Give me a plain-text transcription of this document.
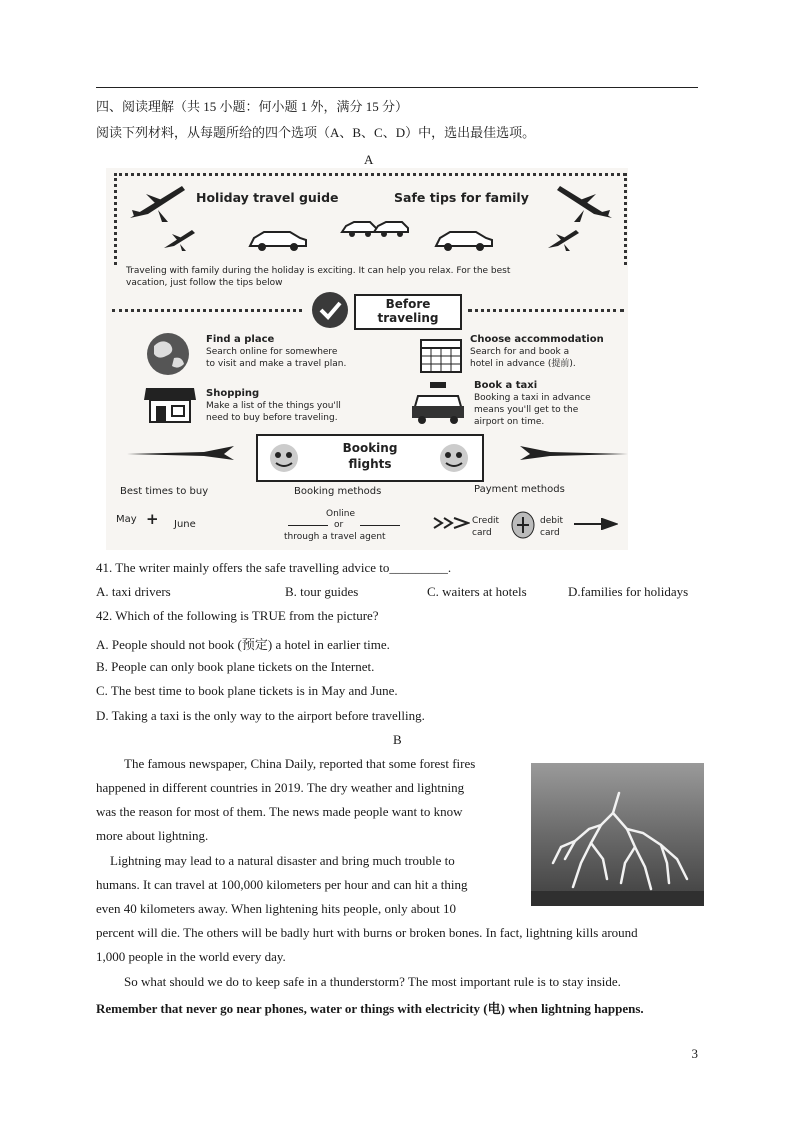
四、阅读理解（共 15 小题：何小题 1 外，满分 15 分）
阅读下列材料，从每题所给的四个选项（A、B、C、D）中，选出最佳选项。
A
Holiday travel guide	Safe tips for family
Traveling with family during the holiday is exciting. It can help you relax. For the best
vacation, just follow the tips below
Before
traveling
Find a place
Search online for somewhere
to visit and make a travel plan.
Choose accommodation
Search for and book a
hotel in advance (提前).
Shopping
Make a list of the things you'll
need to buy before traveling.
Book a taxi
Booking a taxi in advance
means you'll get to the
airport on time.
Booking
flights
Best times to buy	Booking methods	Payment methods
May + June
Online
or
through a travel agent
Credit
card
debit
card
41. The writer mainly offers the safe travelling advice to_________.
A. taxi drivers	B. tour guides	C. waiters at hotels	D.families for holidays
42. Which of the following is TRUE from the picture?
A. People should not book (预定) a hotel in earlier time.
B. People can only book plane tickets on the Internet.
C. The best time to book plane tickets is in May and June.
D. Taking a taxi is the only way to the airport before travelling.
B
The famous newspaper, China Daily, reported that some forest fires
happened in different countries in 2019. The dry weather and lightning
was the reason for most of them. The news made people want to know
more about lightning.
Lightning may lead to a natural disaster and bring much trouble to
humans. It can travel at 100,000 kilometers per hour and can hit a thing
even 40 kilometers away. When lightening hits people, only about 10
percent will die. The others will be badly hurt with burns or broken bones. In fact, lightning kills around
1,000 people in the world every day.
So what should we do to keep safe in a thunderstorm? The most important rule is to stay inside.
Remember that never go near phones, water or things with electricity (电) when lightning happens.
3
